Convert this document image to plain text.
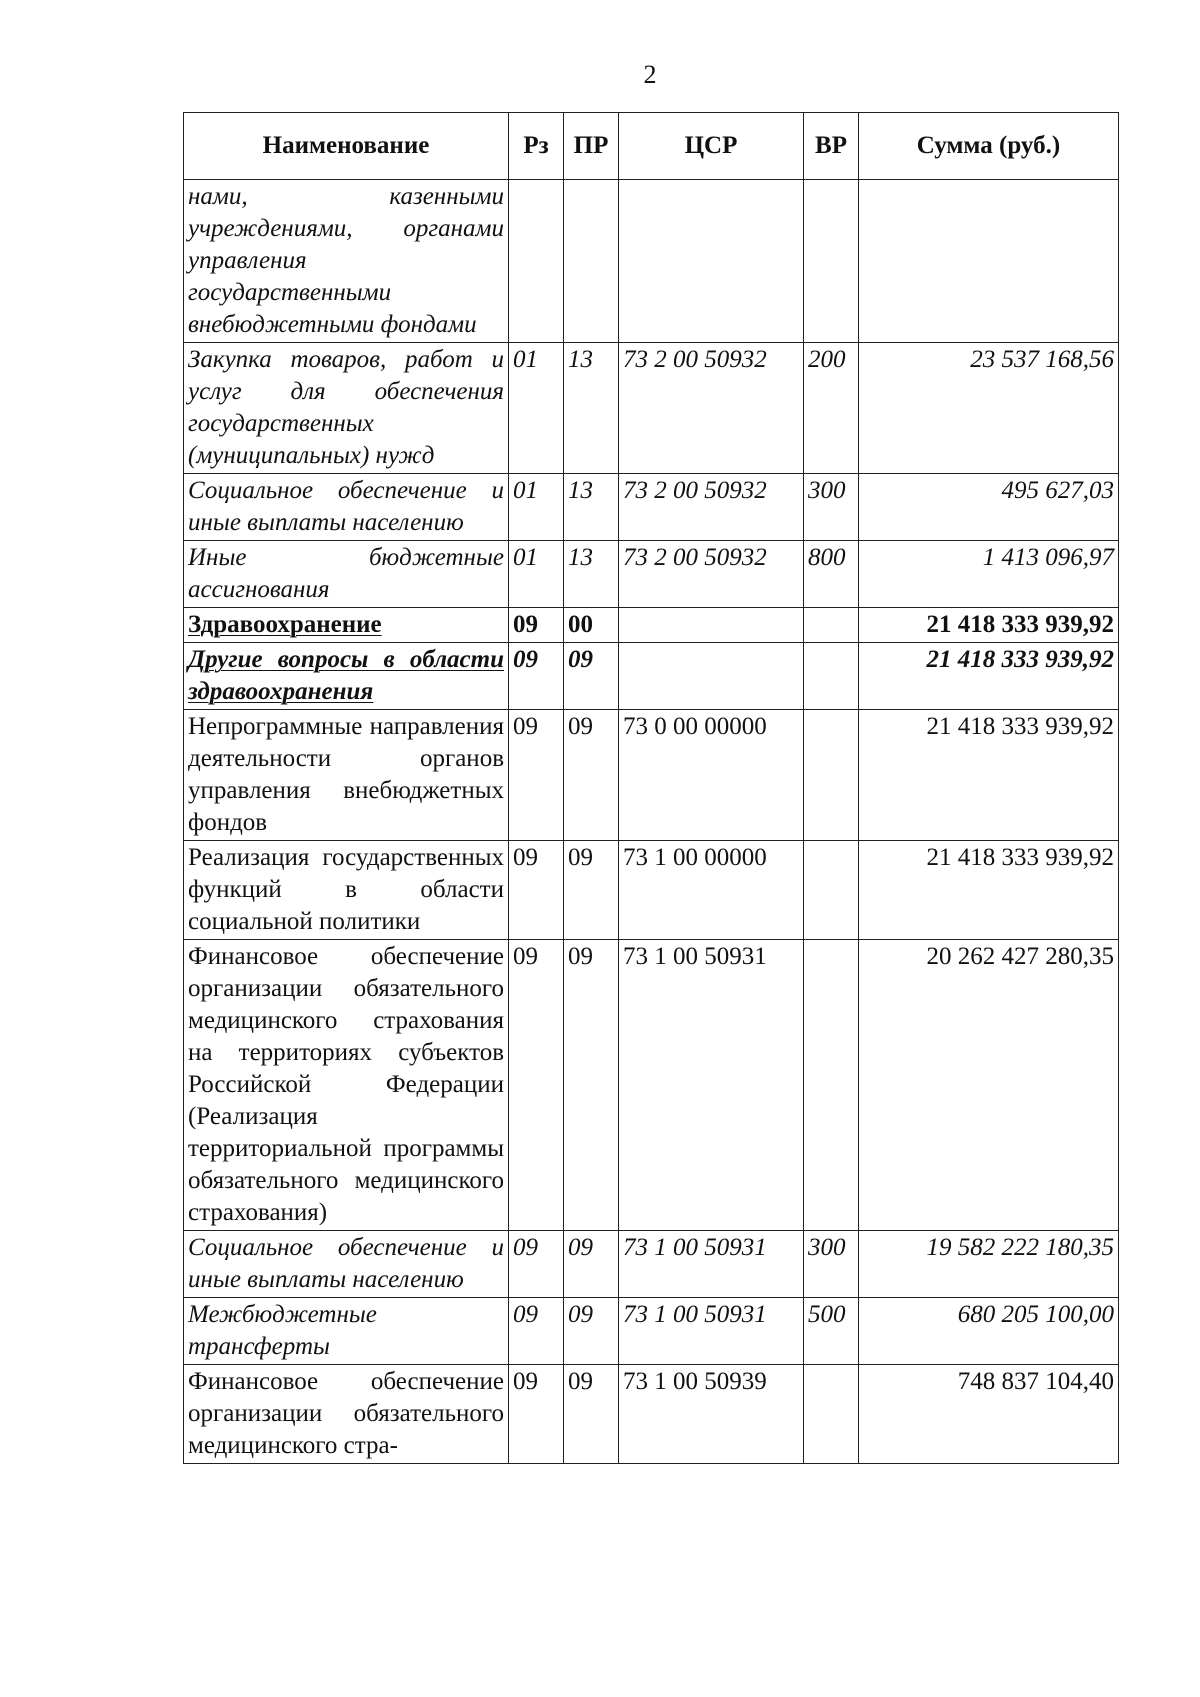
2
Наименование	Рз	ПР	ЦСР	ВР	Сумма (руб.)
нами, казенными учреждениями, органами управления государственными внебюджетными фондами					
Закупка товаров, работ и услуг для обеспечения государственных (муниципальных) нужд	01	13	73 2 00 50932	200	23 537 168,56
Социальное обеспечение и иные выплаты населению	01	13	73 2 00 50932	300	495 627,03
Иные бюджетные ассигнования	01	13	73 2 00 50932	800	1 413 096,97
Здравоохранение	09	00			21 418 333 939,92
Другие вопросы в области здравоохранения	09	09			21 418 333 939,92
Непрограммные направления деятельности органов управления внебюджетных фондов	09	09	73 0 00 00000		21 418 333 939,92
Реализация государственных функций в области социальной политики	09	09	73 1 00 00000		21 418 333 939,92
Финансовое обеспечение организации обязательного медицинского страхования на территориях субъектов Российской Федерации (Реализация территориальной программы обязательного медицинского страхования)	09	09	73 1 00 50931		20 262 427 280,35
Социальное обеспечение и иные выплаты населению	09	09	73 1 00 50931	300	19 582 222 180,35
Межбюджетные трансферты	09	09	73 1 00 50931	500	680 205 100,00
Финансовое обеспечение организации обязательного медицинского стра-	09	09	73 1 00 50939		748 837 104,40
